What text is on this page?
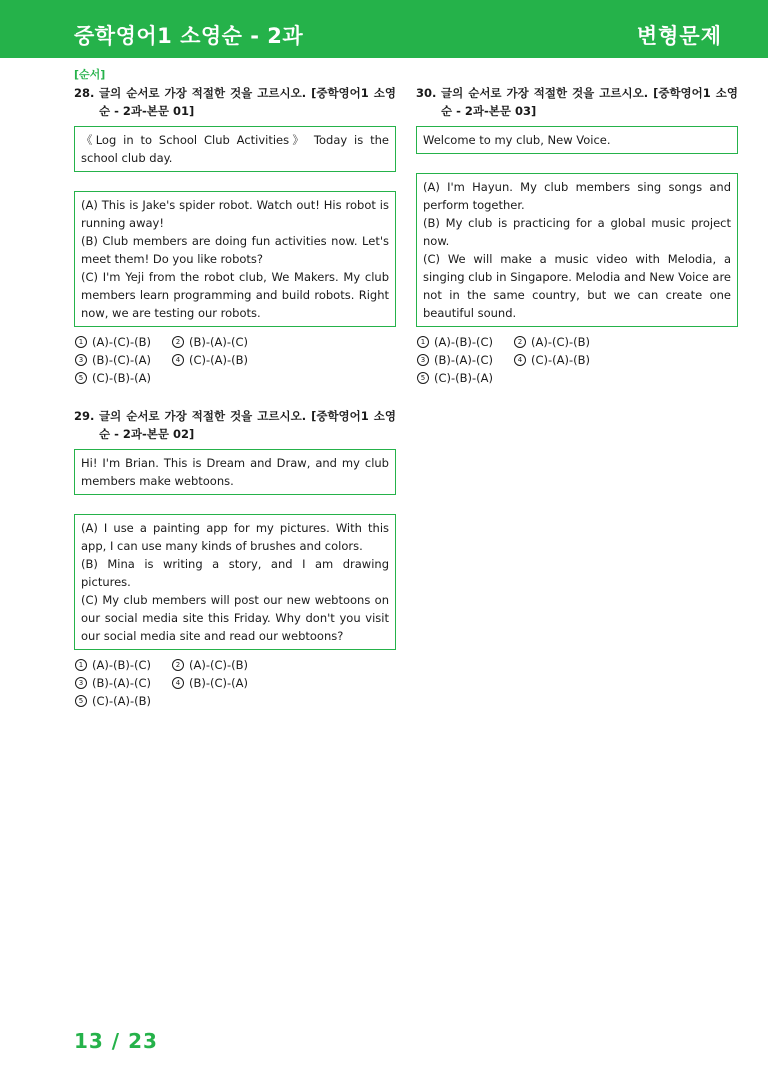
중학영어1 소영순 - 2과	변형문제
[순서]
28. 글의 순서로 가장 적절한 것을 고르시오. [중학영어1 소영순 - 2과-본문 01]

《Log in to School Club Activities》 Today is the school club day.

(A) This is Jake's spider robot. Watch out! His robot is running away!

(B) Club members are doing fun activities now. Let's meet them! Do you like robots?

(C) I'm Yeji from the robot club, We Makers. My club members learn programming and build robots. Right now, we are testing our robots.

1 (A)-(C)-(B)	2 (B)-(A)-(C)
3 (B)-(C)-(A)	4 (C)-(A)-(B)
5 (C)-(B)-(A)
29. 글의 순서로 가장 적절한 것을 고르시오. [중학영어1 소영순 - 2과-본문 02]

Hi! I'm Brian. This is Dream and Draw, and my club members make webtoons.

(A) I use a painting app for my pictures. With this app, I can use many kinds of brushes and colors.

(B) Mina is writing a story, and I am drawing pictures.

(C) My club members will post our new webtoons on our social media site this Friday. Why don't you visit our social media site and read our webtoons?

1 (A)-(B)-(C)	2 (A)-(C)-(B)
3 (B)-(A)-(C)	4 (B)-(C)-(A)
5 (C)-(A)-(B)
30. 글의 순서로 가장 적절한 것을 고르시오. [중학영어1 소영순 - 2과-본문 03]

Welcome to my club, New Voice.

(A) I'm Hayun. My club members sing songs and perform together.

(B) My club is practicing for a global music project now.

(C) We will make a music video with Melodia, a singing club in Singapore. Melodia and New Voice are not in the same country, but we can create one beautiful sound.

1 (A)-(B)-(C)	2 (A)-(C)-(B)
3 (B)-(A)-(C)	4 (C)-(A)-(B)
5 (C)-(B)-(A)
13 / 23
